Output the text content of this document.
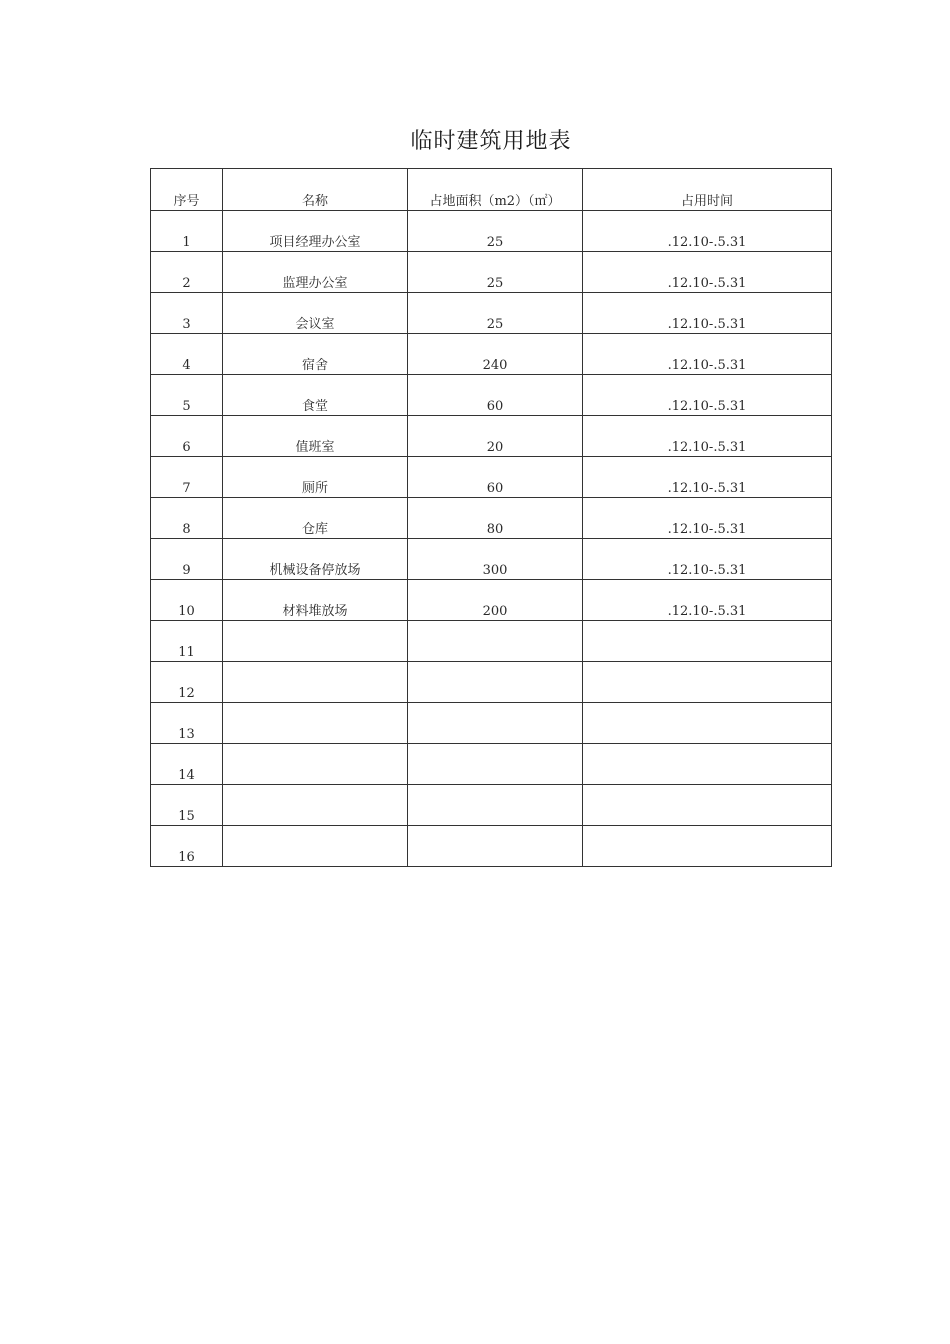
临时建筑用地表
序号	名称	占地面积（m2）（㎡）	占用时间
1	项目经理办公室	25	.12.10-.5.31
2	监理办公室	25	.12.10-.5.31
3	会议室	25	.12.10-.5.31
4	宿舍	240	.12.10-.5.31
5	食堂	60	.12.10-.5.31
6	值班室	20	.12.10-.5.31
7	厕所	60	.12.10-.5.31
8	仓库	80	.12.10-.5.31
9	机械设备停放场	300	.12.10-.5.31
10	材料堆放场	200	.12.10-.5.31
11			
12			
13			
14			
15			
16			
